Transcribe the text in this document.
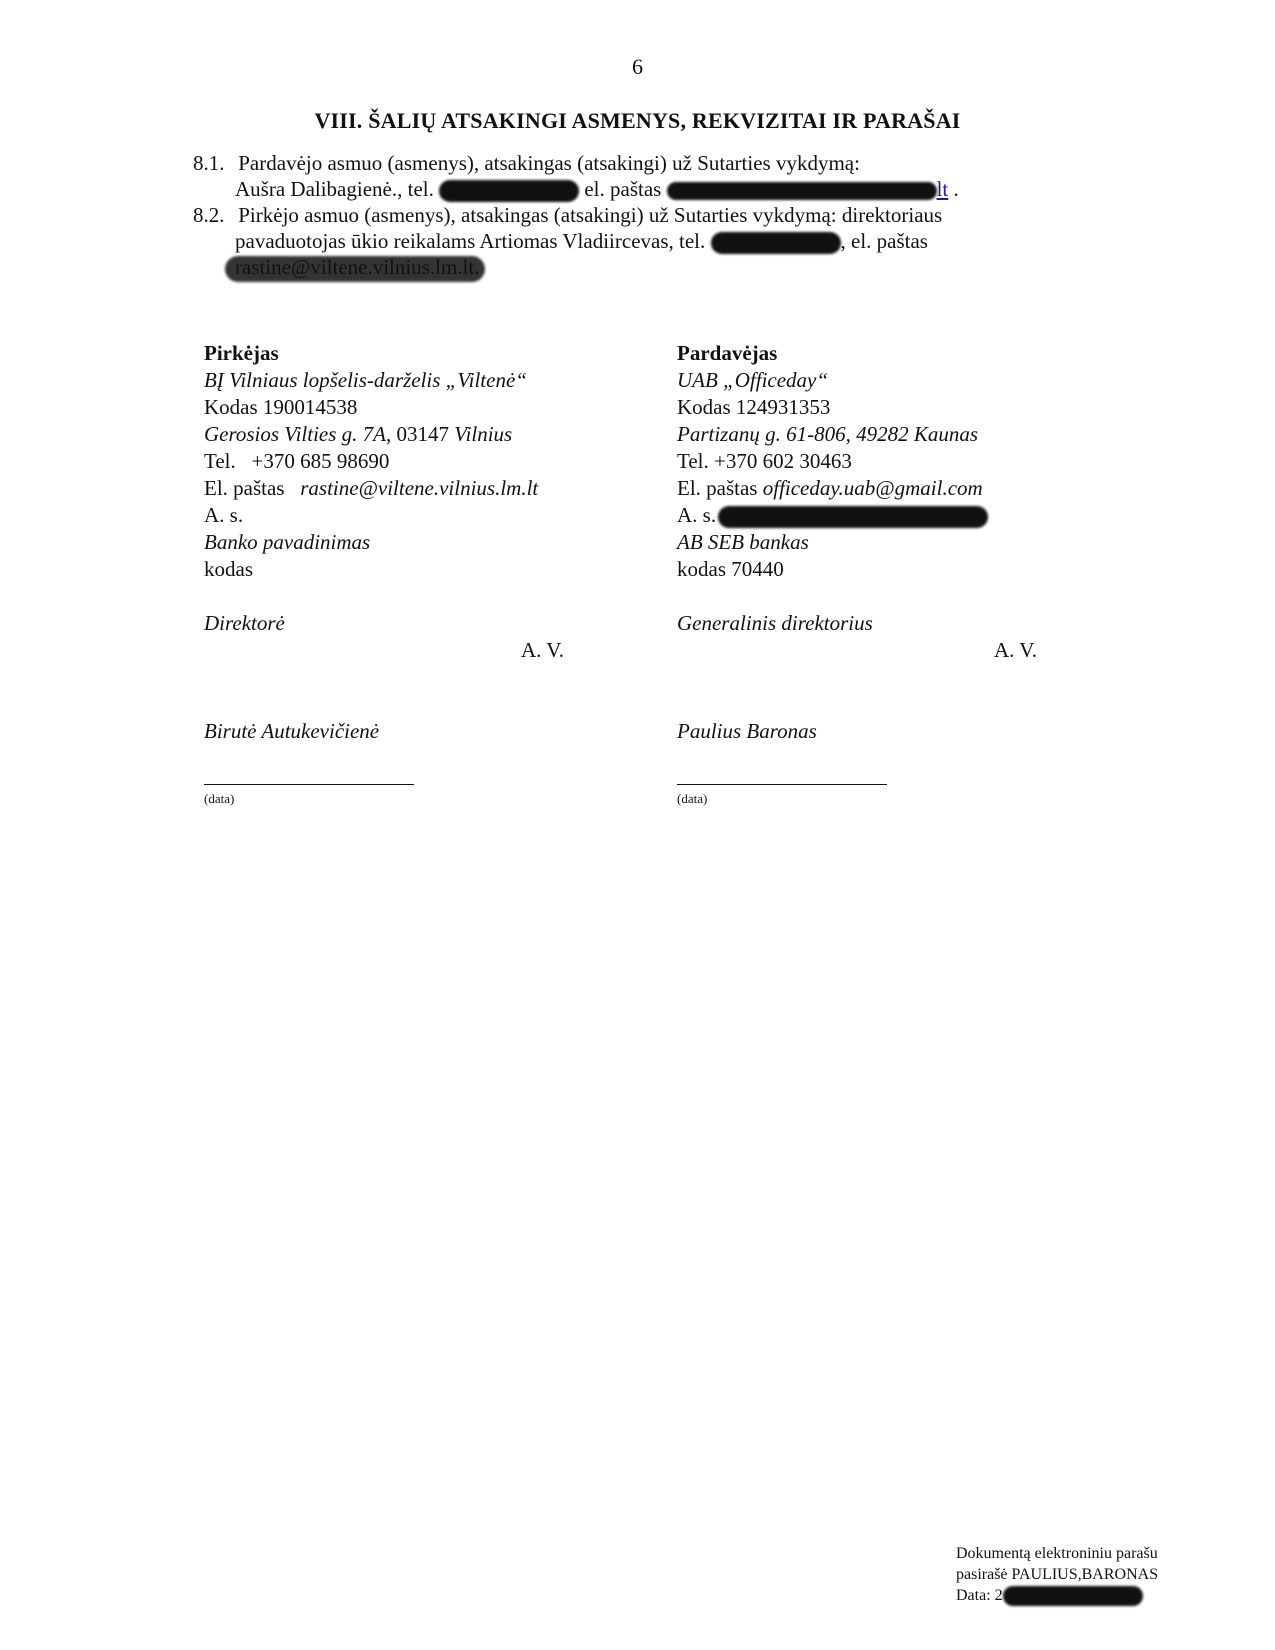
6
VIII. ŠALIŲ ATSAKINGI ASMENYS, REKVIZITAI IR PARAŠAI
8.1. Pardavėjo asmuo (asmenys), atsakingas (atsakingi) už Sutarties vykdymą:
Aušra Dalibagienė., tel.	el. paštas	lt .
8.2. Pirkėjo asmuo (asmenys), atsakingas (atsakingi) už Sutarties vykdymą: direktoriaus
pavaduotojas ūkio reikalams Artiomas Vladiircevas, tel.	, el. paštas
Pirkėjas
BĮ Vilniaus lopšelis-darželis „Viltenė“
Kodas 190014538
Gerosios Vilties g. 7A, 03147 Vilnius
Tel.   +370 685 98690
El. paštas rastine@viltene.vilnius.lm.lt
A. s.
Banko pavadinimas
kodas
Direktorė
A. V.
Birutė Autukevičienė
(data)
Pardavėjas
UAB „Officeday“
Kodas 124931353
Partizanų g. 61-806, 49282 Kaunas
Tel. +370 602 30463
El. paštas officeday.uab@gmail.com
A. s.
AB SEB bankas
kodas 70440
Generalinis direktorius
A. V.
Paulius Baronas
(data)
Dokumentą elektroniniu parašu
pasirašė PAULIUS,BARONAS
Data: 2
